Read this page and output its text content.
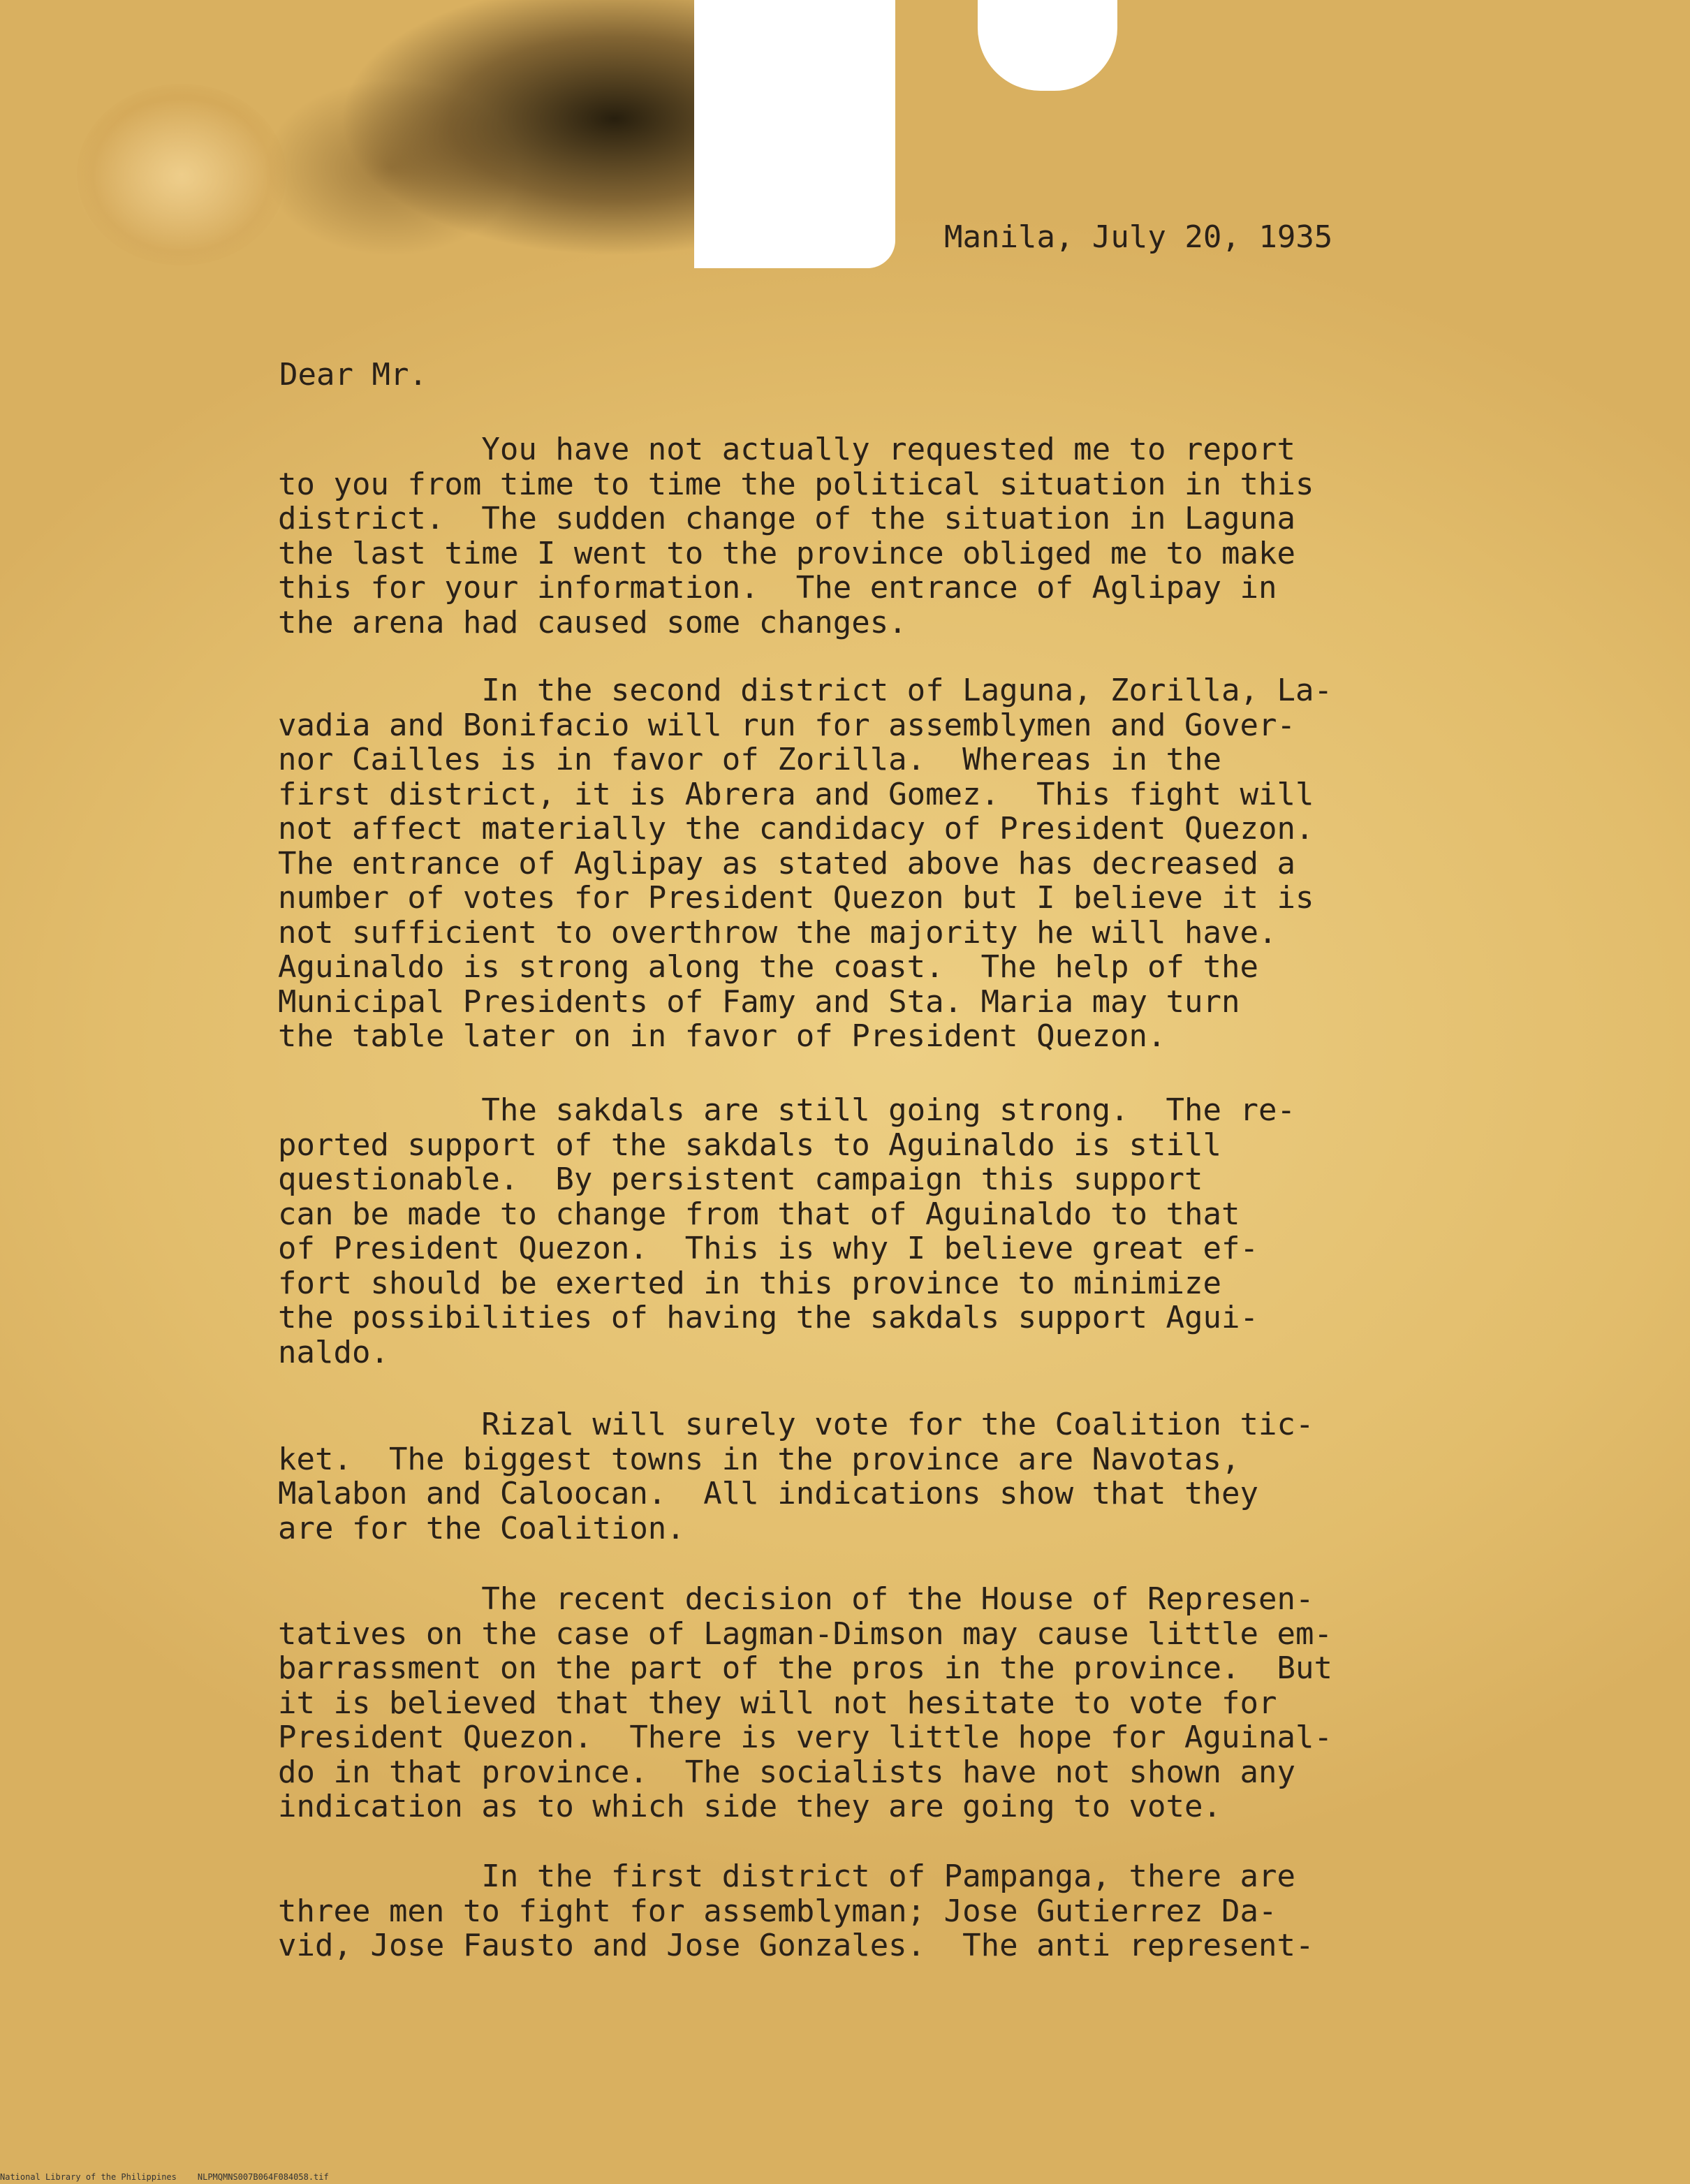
Manila, July 20, 1935

Dear Mr.

You have not actually requested me to report
to you from time to time the political situation in this
district.  The sudden change of the situation in Laguna
the last time I went to the province obliged me to make
this for your information.  The entrance of Aglipay in
the arena had caused some changes.

In the second district of Laguna, Zorilla, La-
vadia and Bonifacio will run for assemblymen and Gover-
nor Cailles is in favor of Zorilla.  Whereas in the
first district, it is Abrera and Gomez.  This fight will
not affect materially the candidacy of President Quezon.
The entrance of Aglipay as stated above has decreased a
number of votes for President Quezon but I believe it is
not sufficient to overthrow the majority he will have.
Aguinaldo is strong along the coast.  The help of the
Municipal Presidents of Famy and Sta. Maria may turn
the table later on in favor of President Quezon.

The sakdals are still going strong.  The re-
ported support of the sakdals to Aguinaldo is still
questionable.  By persistent campaign this support
can be made to change from that of Aguinaldo to that
of President Quezon.  This is why I believe great ef-
fort should be exerted in this province to minimize
the possibilities of having the sakdals support Agui-
naldo.

Rizal will surely vote for the Coalition tic-
ket.  The biggest towns in the province are Navotas,
Malabon and Caloocan.  All indications show that they
are for the Coalition.

The recent decision of the House of Represen-
tatives on the case of Lagman-Dimson may cause little em-
barrassment on the part of the pros in the province.  But
it is believed that they will not hesitate to vote for
President Quezon.  There is very little hope for Aguinal-
do in that province.  The socialists have not shown any
indication as to which side they are going to vote.

In the first district of Pampanga, there are
three men to fight for assemblyman; Jose Gutierrez Da-
vid, Jose Fausto and Jose Gonzales.  The anti represent-

National Library of the Philippines	NLPMQMNS007B064F084058.tif
